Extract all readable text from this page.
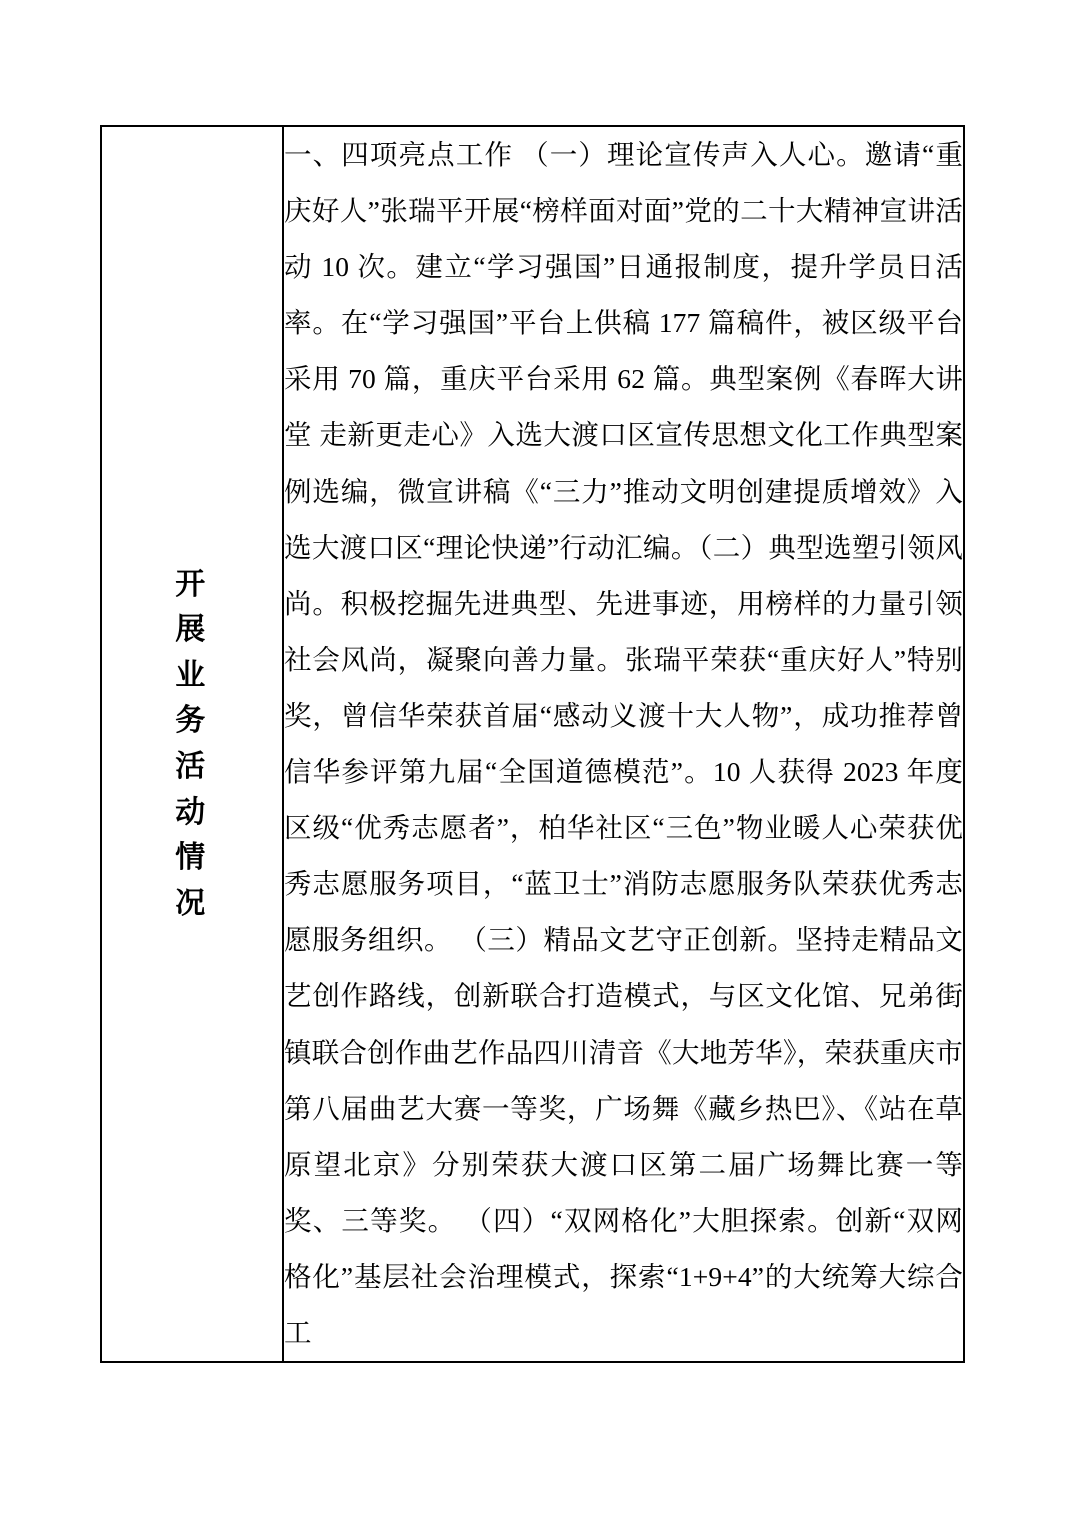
开展业务活动情况	

一、四项亮点工作 （一）理论宣传声入人心。邀请“重庆好人”张瑞平开展“榜样面对面”党的二十大精神宣讲活动 10 次。建立“学习强国”日通报制度，提升学员日活率。在“学习强国”平台上供稿 177 篇稿件，被区级平台采用 70 篇，重庆平台采用 62 篇。典型案例《春晖大讲堂 走新更走心》入选大渡口区宣传思想文化工作典型案例选编，微宣讲稿《“三力”推动文明创建提质增效》入选大渡口区“理论快递”行动汇编。（二）典型选塑引领风尚。积极挖掘先进典型、先进事迹，用榜样的力量引领社会风尚，凝聚向善力量。张瑞平荣获“重庆好人”特别奖，曾信华荣获首届“感动义渡十大人物”，成功推荐曾信华参评第九届“全国道德模范”。10 人获得 2023 年度区级“优秀志愿者”，柏华社区“三色”物业暖人心荣获优秀志愿服务项目，“蓝卫士”消防志愿服务队荣获优秀志愿服务组织。 （三）精品文艺守正创新。坚持走精品文艺创作路线，创新联合打造模式，与区文化馆、兄弟街镇联合创作曲艺作品四川清音《大地芳华》，荣获重庆市第八届曲艺大赛一等奖，广场舞《藏乡热巴》、《站在草原望北京》分别荣获大渡口区第二届广场舞比赛一等奖、三等奖。 （四）“双网格化”大胆探索。创新“双网格化”基层社会治理模式，探索“1+9+4”的大统筹大综合工
